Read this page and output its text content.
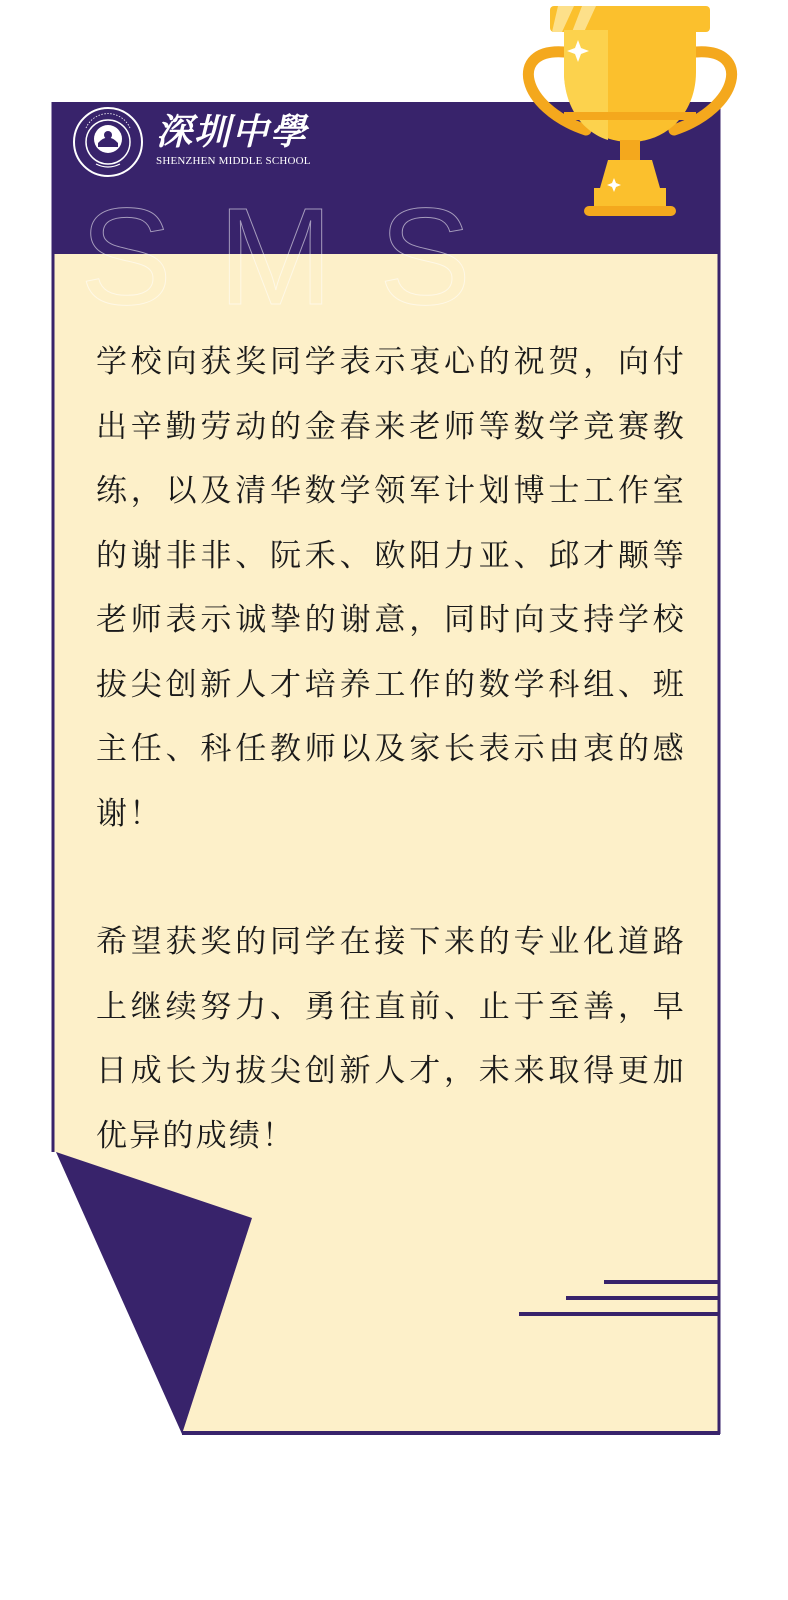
深圳中學
SHENZHEN MIDDLE SCHOOL
SMS

学校向获奖同学表示衷心的祝贺，向付出辛勤劳动的金春来老师等数学竞赛教练，以及清华数学领军计划博士工作室的谢非非、阮禾、欧阳力亚、邱才颙等老师表示诚挚的谢意，同时向支持学校拔尖创新人才培养工作的数学科组、班主任、科任教师以及家长表示由衷的感谢！

希望获奖的同学在接下来的专业化道路上继续努力、勇往直前、止于至善，早日成长为拔尖创新人才，未来取得更加优异的成绩！
